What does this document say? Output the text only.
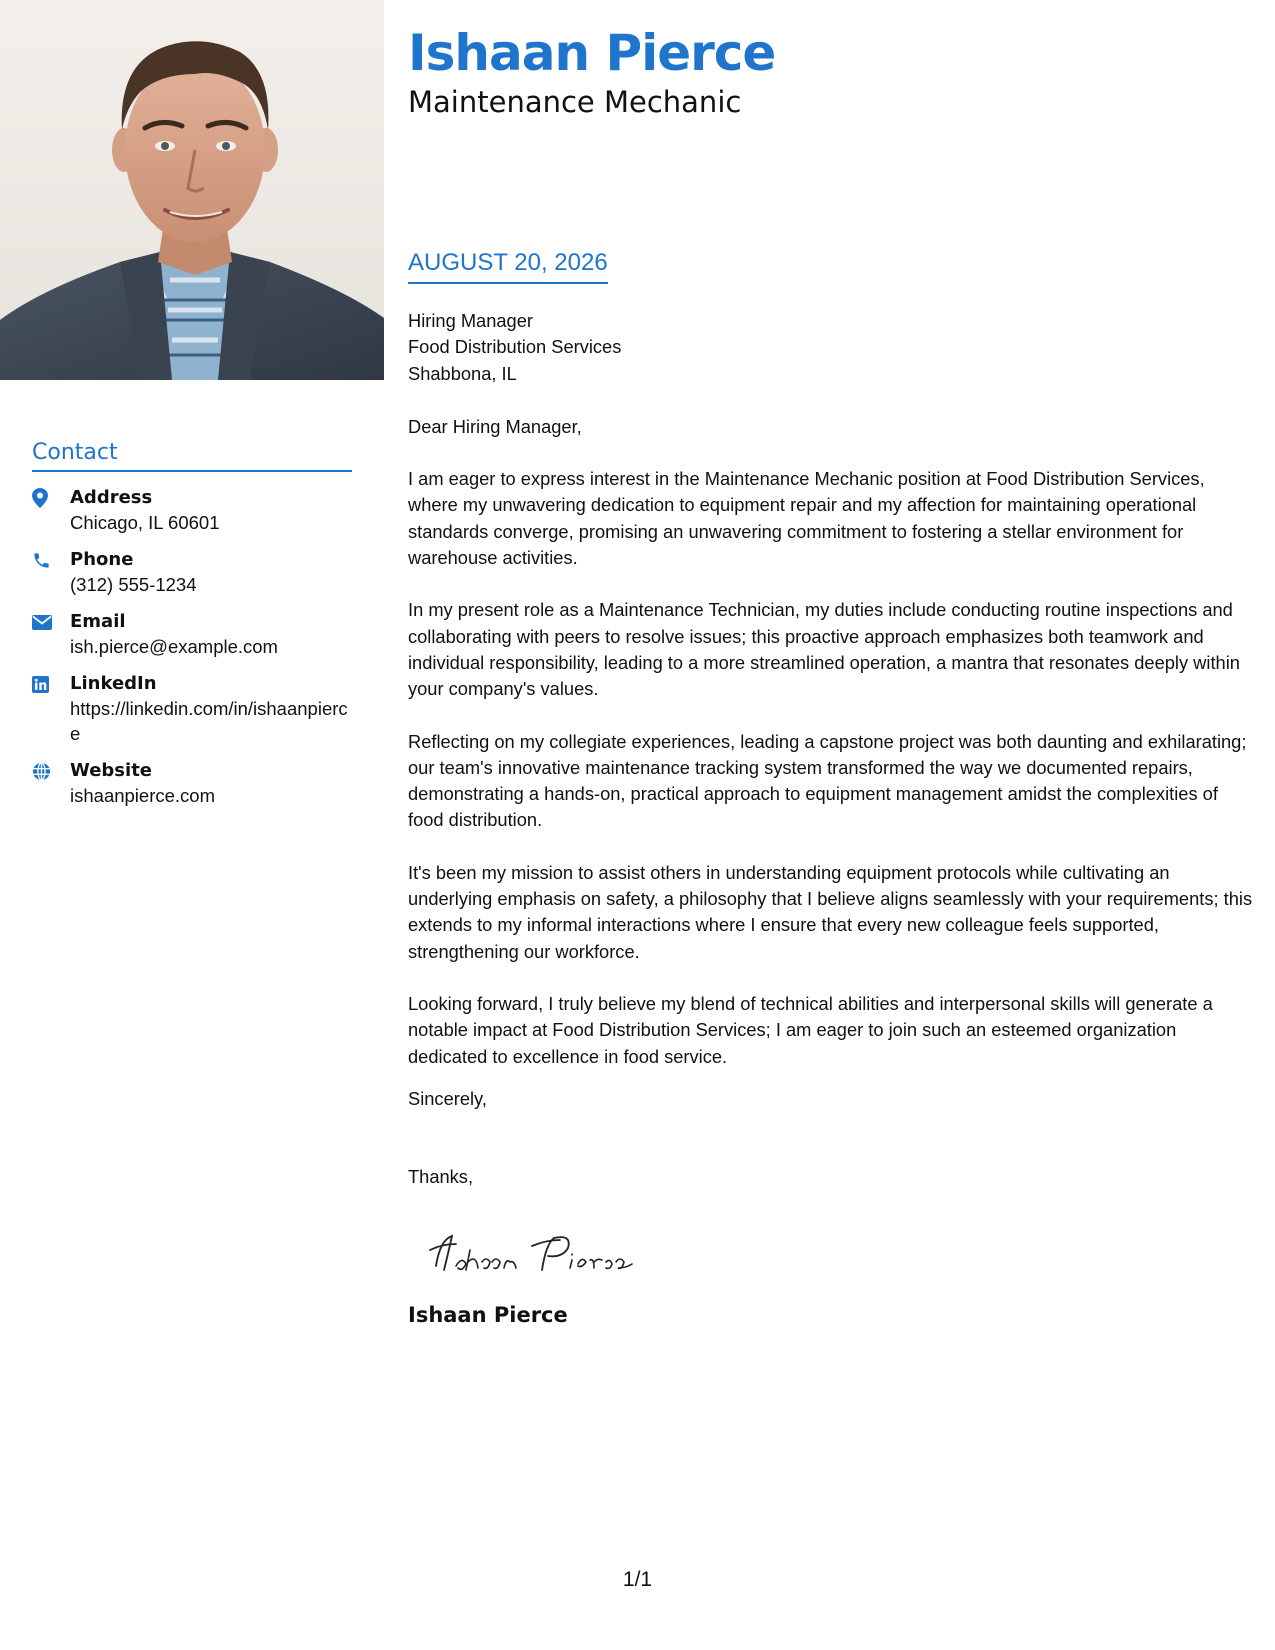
Contact
Address
Chicago, IL 60601
Phone
(312) 555-1234
Email
ish.pierce@example.com
LinkedIn
https://linkedin.com/in/ishaanpierce
Website
ishaanpierce.com
Ishaan Pierce
Maintenance Mechanic
AUGUST 20, 2026
Hiring Manager
Food Distribution Services
Shabbona, IL

Dear Hiring Manager,

I am eager to express interest in the Maintenance Mechanic position at Food Distribution Services, where my unwavering dedication to equipment repair and my affection for maintaining operational standards converge, promising an unwavering commitment to fostering a stellar environment for warehouse activities.

In my present role as a Maintenance Technician, my duties include conducting routine inspections and collaborating with peers to resolve issues; this proactive approach emphasizes both teamwork and individual responsibility, leading to a more streamlined operation, a mantra that resonates deeply within your company's values.

Reflecting on my collegiate experiences, leading a capstone project was both daunting and exhilarating; our team's innovative maintenance tracking system transformed the way we documented repairs, demonstrating a hands-on, practical approach to equipment management amidst the complexities of food distribution.

It's been my mission to assist others in understanding equipment protocols while cultivating an underlying emphasis on safety, a philosophy that I believe aligns seamlessly with your requirements; this extends to my informal interactions where I ensure that every new colleague feels supported, strengthening our workforce.

Looking forward, I truly believe my blend of technical abilities and interpersonal skills will generate a notable impact at Food Distribution Services; I am eager to join such an esteemed organization dedicated to excellence in food service.

Sincerely,

Thanks,

Ishaan Pierce
1/1
